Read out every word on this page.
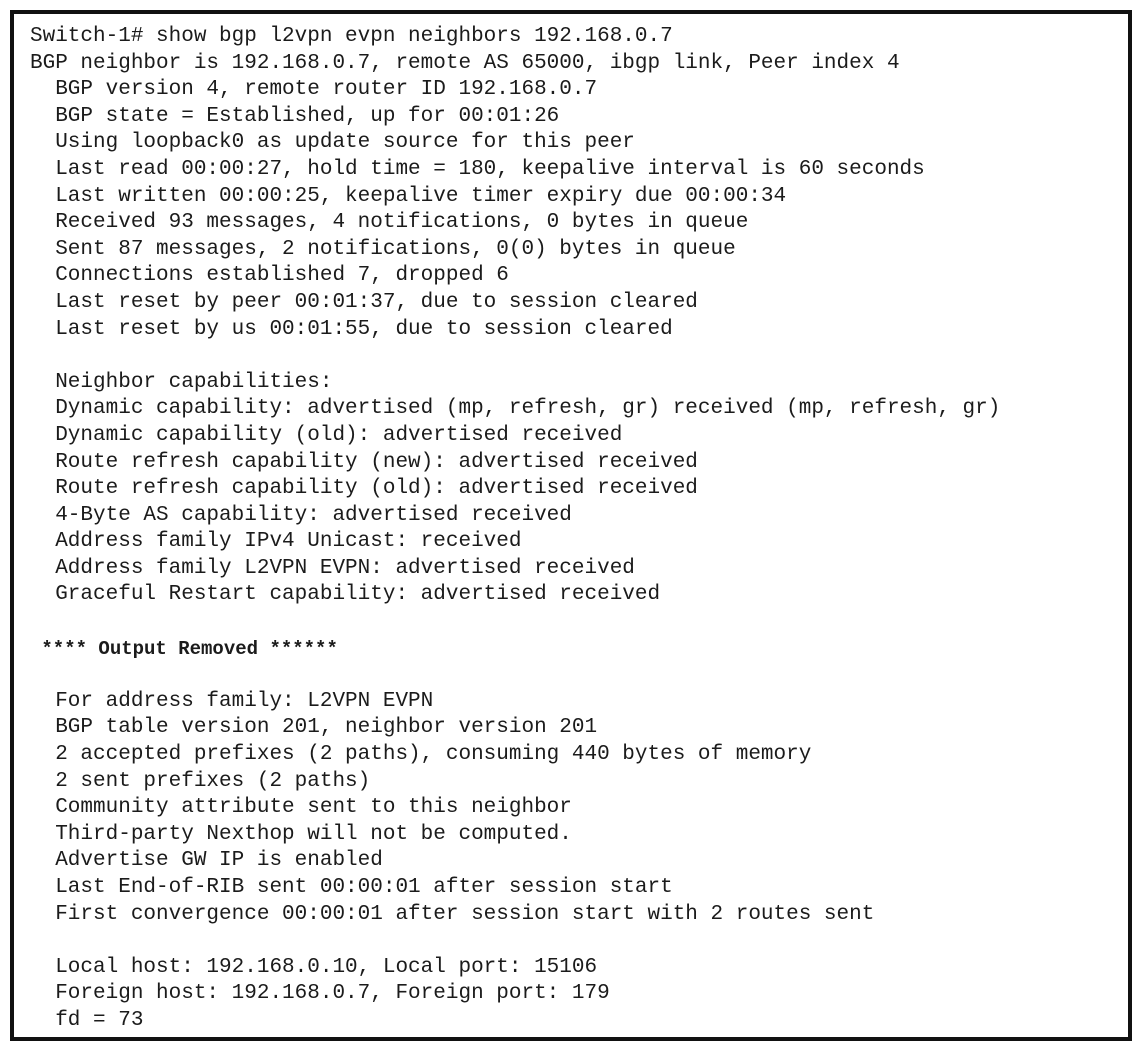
Switch-1# show bgp l2vpn evpn neighbors 192.168.0.7
BGP neighbor is 192.168.0.7, remote AS 65000, ibgp link, Peer index 4
BGP version 4, remote router ID 192.168.0.7
BGP state = Established, up for 00:01:26
Using loopback0 as update source for this peer
Last read 00:00:27, hold time = 180, keepalive interval is 60 seconds
Last written 00:00:25, keepalive timer expiry due 00:00:34
Received 93 messages, 4 notifications, 0 bytes in queue
Sent 87 messages, 2 notifications, 0(0) bytes in queue
Connections established 7, dropped 6
Last reset by peer 00:01:37, due to session cleared
Last reset by us 00:01:55, due to session cleared
Neighbor capabilities:
Dynamic capability: advertised (mp, refresh, gr) received (mp, refresh, gr)
Dynamic capability (old): advertised received
Route refresh capability (new): advertised received
Route refresh capability (old): advertised received
4-Byte AS capability: advertised received
Address family IPv4 Unicast: received
Address family L2VPN EVPN: advertised received
Graceful Restart capability: advertised received
**** Output Removed ******
For address family: L2VPN EVPN
BGP table version 201, neighbor version 201
2 accepted prefixes (2 paths), consuming 440 bytes of memory
2 sent prefixes (2 paths)
Community attribute sent to this neighbor
Third-party Nexthop will not be computed.
Advertise GW IP is enabled
Last End-of-RIB sent 00:00:01 after session start
First convergence 00:00:01 after session start with 2 routes sent
Local host: 192.168.0.10, Local port: 15106
Foreign host: 192.168.0.7, Foreign port: 179
fd = 73
